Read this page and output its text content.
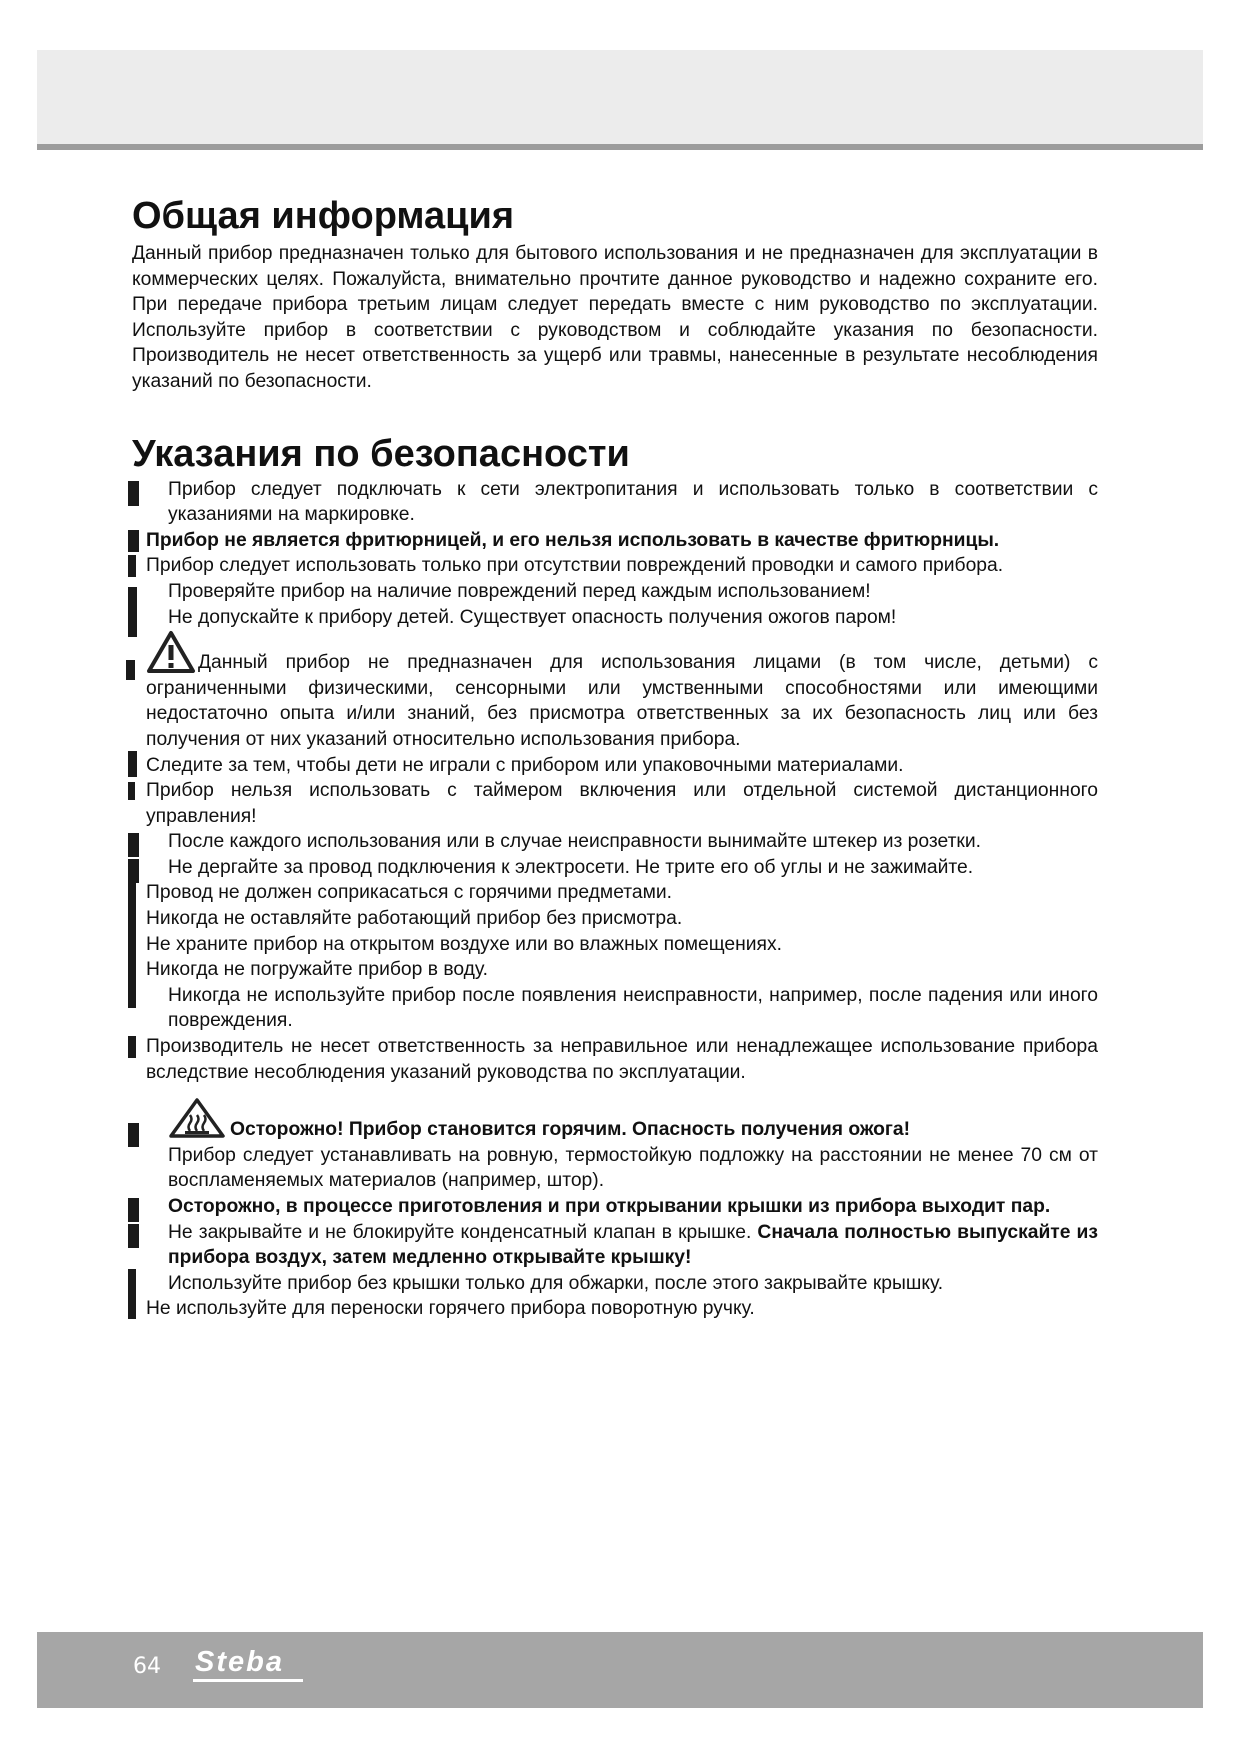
Общая информация

Данный прибор предназначен только для бытового использования и не предназначен для эксплуатации в коммерческих целях. Пожалуйста, внимательно прочтите данное руководство и надежно сохраните его. При передаче прибора третьим лицам следует передать вместе с ним руководство по эксплуатации. Используйте прибор в соответствии с руководством и соблюдайте указания по безопасности. Производитель не несет ответственность за ущерб или травмы, нанесенные в результате несоблюдения указаний по безопасности.

Указания по безопасности
Прибор следует подключать к сети электропитания и использовать только в соответствии с указаниями на маркировке.
Прибор не является фритюрницей, и его нельзя использовать в качестве фритюрницы.
Прибор следует использовать только при отсутствии повреждений проводки и самого прибора.
Проверяйте прибор на наличие повреждений перед каждым использованием!
Не допускайте к прибору детей. Существует опасность получения ожогов паром!
Данный прибор не предназначен для использования лицами (в том числе, детьми) с ограниченными физическими, сенсорными или умственными способностями или имеющими недостаточно опыта и/или знаний, без присмотра ответственных за их безопасность лиц или без получения от них указаний относительно использования прибора.
Следите за тем, чтобы дети не играли с прибором или упаковочными материалами.
Прибор нельзя использовать с таймером включения или отдельной системой дистанционного управления!
После каждого использования или в случае неисправности вынимайте штекер из розетки.
Не дергайте за провод подключения к электросети. Не трите его об углы и не зажимайте.
Провод не должен соприкасаться с горячими предметами.
Никогда не оставляйте работающий прибор без присмотра.
Не храните прибор на открытом воздухе или во влажных помещениях.
Никогда не погружайте прибор в воду.
Никогда не используйте прибор после появления неисправности, например, после падения или иного повреждения.
Производитель не несет ответственность за неправильное или ненадлежащее использование прибора вследствие несоблюдения указаний руководства по эксплуатации.
Осторожно! Прибор становится горячим. Опасность получения ожога!
Прибор следует устанавливать на ровную, термостойкую подложку на расстоянии не менее 70 см от воспламеняемых материалов (например, штор).
Осторожно, в процессе приготовления и при открывании крышки из прибора выходит пар.
Не закрывайте и не блокируйте конденсатный клапан в крышке. Сначала полностью выпускайте из прибора воздух, затем медленно открывайте крышку!
Используйте прибор без крышки только для обжарки, после этого закрывайте крышку.
Не используйте для переноски горячего прибора поворотную ручку.
64 Steba
